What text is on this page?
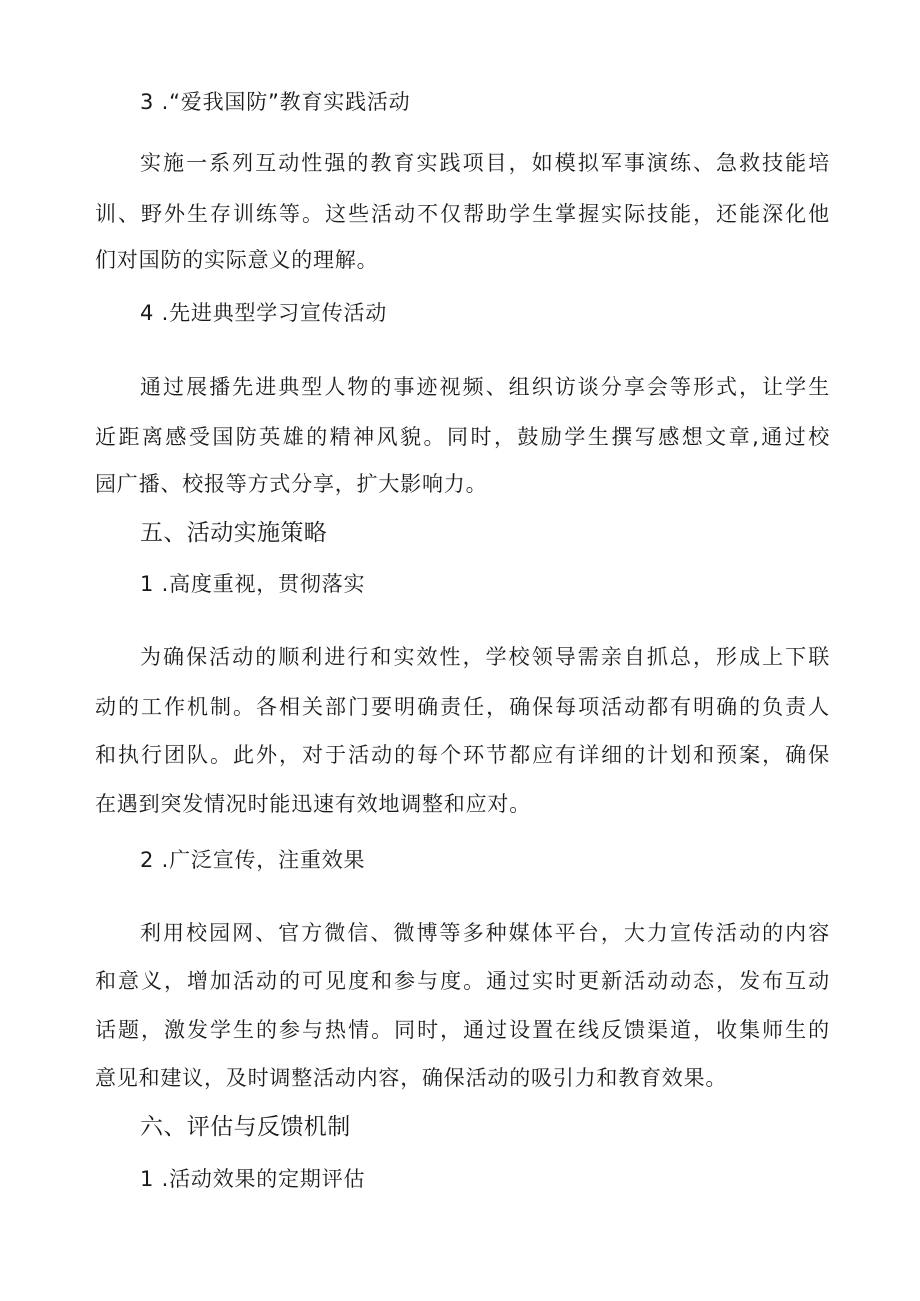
3 .“爱我国防”教育实践活动
实施一系列互动性强的教育实践项目，如模拟军事演练、急救技能培
训、野外生存训练等。这些活动不仅帮助学生掌握实际技能，还能深化他
们对国防的实际意义的理解。
4 .先进典型学习宣传活动
通过展播先进典型人物的事迹视频、组织访谈分享会等形式，让学生
近距离感受国防英雄的精神风貌。同时，鼓励学生撰写感想文章,通过校
园广播、校报等方式分享，扩大影响力。
五、活动实施策略
1 .高度重视，贯彻落实
为确保活动的顺利进行和实效性，学校领导需亲自抓总，形成上下联
动的工作机制。各相关部门要明确责任，确保每项活动都有明确的负责人
和执行团队。此外，对于活动的每个环节都应有详细的计划和预案，确保
在遇到突发情况时能迅速有效地调整和应对。
2 .广泛宣传，注重效果
利用校园网、官方微信、微博等多种媒体平台，大力宣传活动的内容
和意义，增加活动的可见度和参与度。通过实时更新活动动态，发布互动
话题，激发学生的参与热情。同时，通过设置在线反馈渠道，收集师生的
意见和建议，及时调整活动内容，确保活动的吸引力和教育效果。
六、评估与反馈机制
1 .活动效果的定期评估
